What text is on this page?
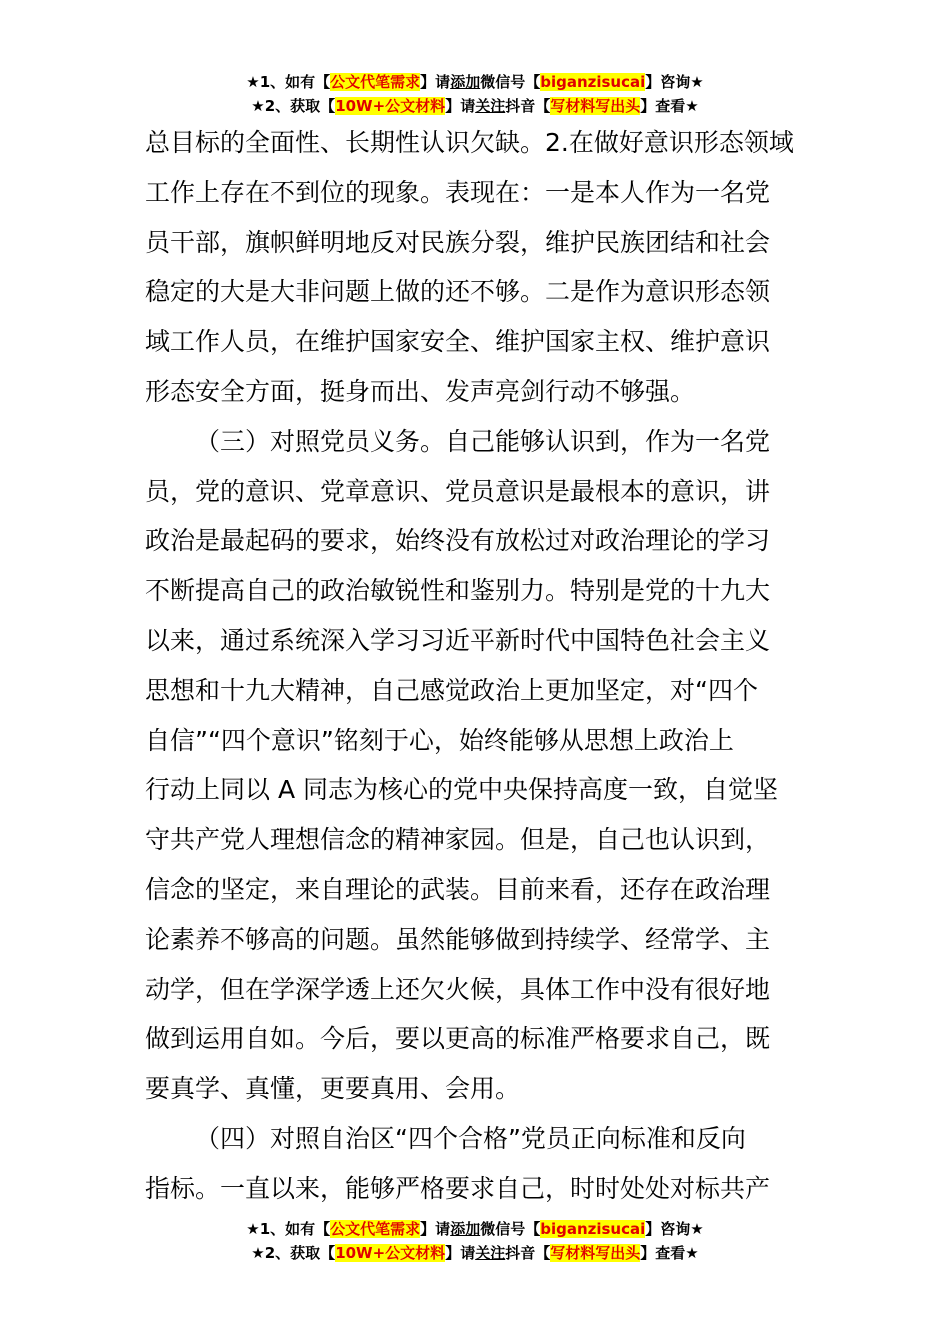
★1、如有【公文代笔需求】请添加微信号【biganzisucai】咨询★
★2、获取【10W+公文材料】请关注抖音【写材料写出头】查看★

总目标的全面性、长期性认识欠缺。2.在做好意识形态领域
工作上存在不到位的现象。表现在：一是本人作为一名党
员干部，旗帜鲜明地反对民族分裂，维护民族团结和社会
稳定的大是大非问题上做的还不够。二是作为意识形态领
域工作人员，在维护国家安全、维护国家主权、维护意识
形态安全方面，挺身而出、发声亮剑行动不够强。

（三）对照党员义务。自己能够认识到，作为一名党
员，党的意识、党章意识、党员意识是最根本的意识，讲
政治是最起码的要求，始终没有放松过对政治理论的学习
不断提高自己的政治敏锐性和鉴别力。特别是党的十九大
以来，通过系统深入学习习近平新时代中国特色社会主义
思想和十九大精神，自己感觉政治上更加坚定，对“四个
自信”“四个意识”铭刻于心，始终能够从思想上政治上
行动上同以 A 同志为核心的党中央保持高度一致，自觉坚
守共产党人理想信念的精神家园。但是，自己也认识到，
信念的坚定，来自理论的武装。目前来看，还存在政治理
论素养不够高的问题。虽然能够做到持续学、经常学、主
动学，但在学深学透上还欠火候，具体工作中没有很好地
做到运用自如。今后，要以更高的标准严格要求自己，既
要真学、真懂，更要真用、会用。

（四）对照自治区“四个合格”党员正向标准和反向
指标。一直以来，能够严格要求自己，时时处处对标共产

★1、如有【公文代笔需求】请添加微信号【biganzisucai】咨询★
★2、获取【10W+公文材料】请关注抖音【写材料写出头】查看★
